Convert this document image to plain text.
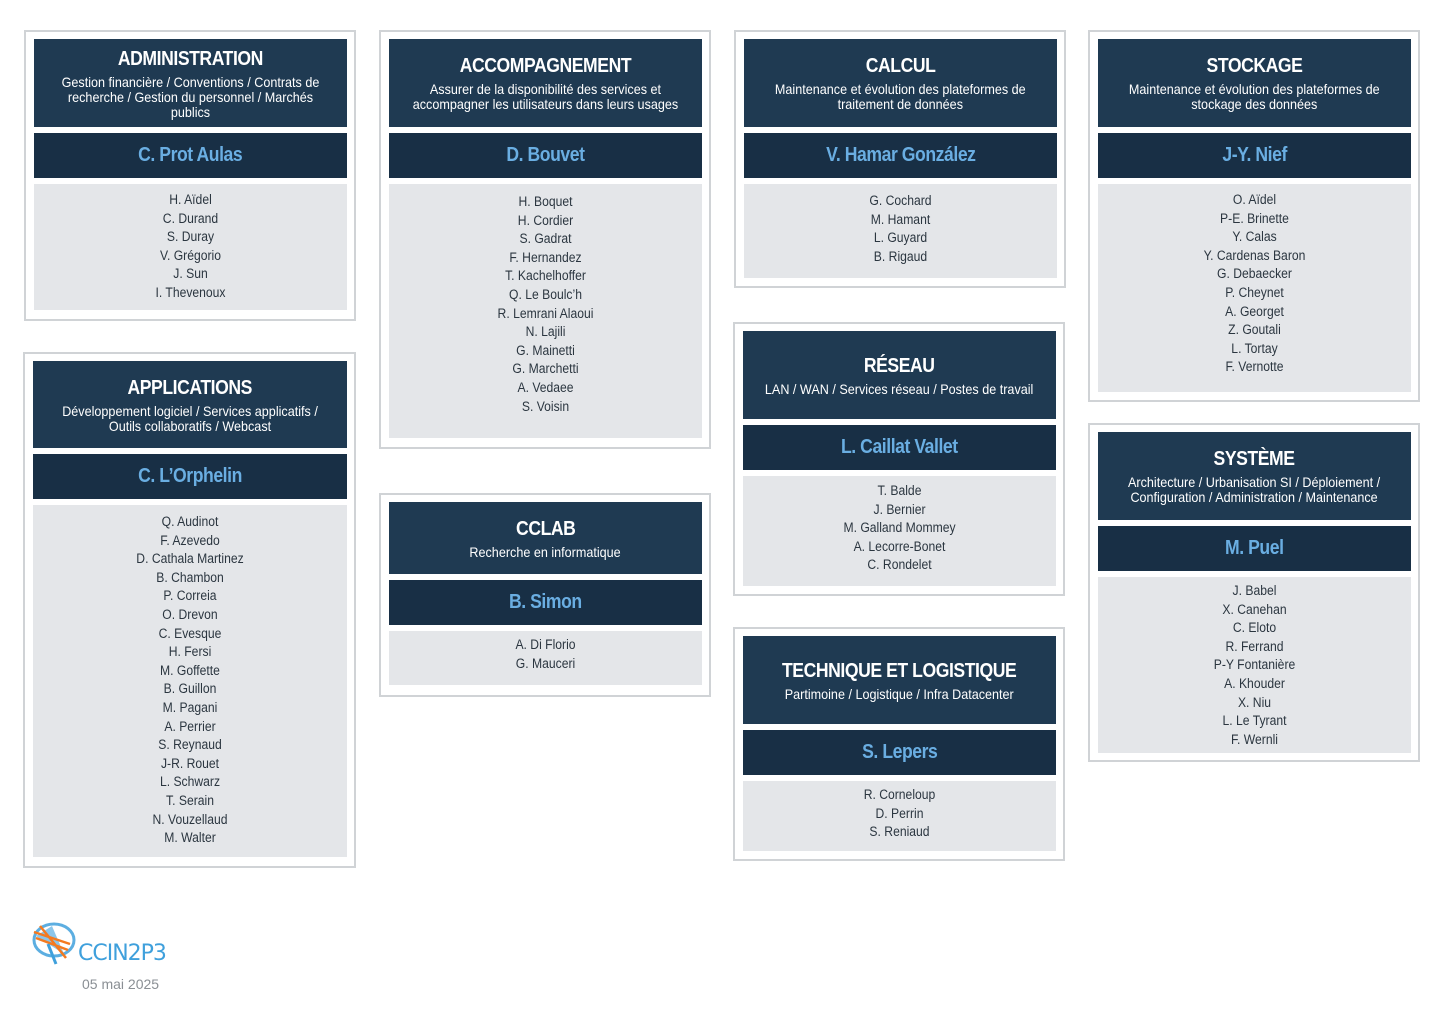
ADMINISTRATION
Gestion financière / Conventions / Contrats de
recherche / Gestion du personnel / Marchés publics
C. Prot Aulas
H. Aïdel
C. Durand
S. Duray
V. Grégorio
J. Sun
I. Thevenoux
APPLICATIONS
Développement logiciel / Services applicatifs /
Outils collaboratifs / Webcast
C. L’Orphelin
Q. Audinot
F. Azevedo
D. Cathala Martinez
B. Chambon
P. Correia
O. Drevon
C. Evesque
H. Fersi
M. Goffette
B. Guillon
M. Pagani
A. Perrier
S. Reynaud
J-R. Rouet
L. Schwarz
T. Serain
N. Vouzellaud
M. Walter
ACCOMPAGNEMENT
Assurer de la disponibilité des services et
accompagner les utilisateurs dans leurs usages
D. Bouvet
H. Boquet
H. Cordier
S. Gadrat
F. Hernandez
T. Kachelhoffer
Q. Le Boulc’h
R. Lemrani Alaoui
N. Lajili
G. Mainetti
G. Marchetti
A. Vedaee
S. Voisin
CCLAB
Recherche en informatique
B. Simon
A. Di Florio
G. Mauceri
CALCUL
Maintenance et évolution des plateformes de
traitement de données
V. Hamar González
G. Cochard
M. Hamant
L. Guyard
B. Rigaud
RÉSEAU
LAN / WAN / Services réseau / Postes de travail
L. Caillat Vallet
T. Balde
J. Bernier
M. Galland Mommey
A. Lecorre-Bonet
C. Rondelet
TECHNIQUE ET LOGISTIQUE
Partimoine / Logistique / Infra Datacenter
S. Lepers
R. Corneloup
D. Perrin
S. Reniaud
STOCKAGE
Maintenance et évolution des plateformes de
stockage des données
J-Y. Nief
O. Aïdel
P-E. Brinette
Y. Calas
Y. Cardenas Baron
G. Debaecker
P. Cheynet
A. Georget
Z. Goutali
L. Tortay
F. Vernotte
SYSTÈME
Architecture / Urbanisation SI / Déploiement /
Configuration / Administration / Maintenance
M. Puel
J. Babel
X. Canehan
C. Eloto
R. Ferrand
P-Y Fontanière
A. Khouder
X. Niu
L. Le Tyrant
F. Wernli
CCIN2P3
05 mai 2025
